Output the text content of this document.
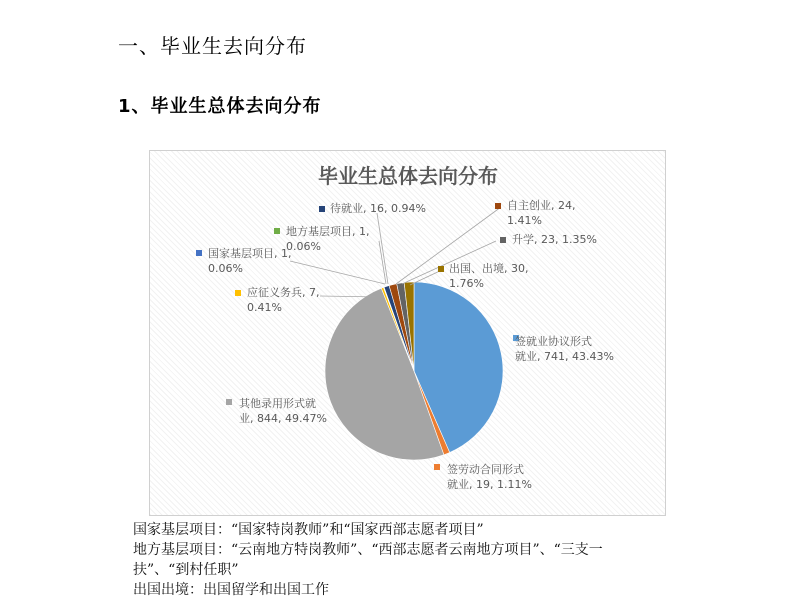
一、毕业生去向分布
1、毕业生总体去向分布
毕业生总体去向分布
签就业协议形式
就业, 741, 43.43%
签劳动合同形式
就业, 19, 1.11%
其他录用形式就
业, 844, 49.47%
应征义务兵, 7,
0.41%
国家基层项目, 1,
0.06%
地方基层项目, 1,
0.06%
待就业, 16, 0.94%	自主创业, 24,
1.41%
升学, 23, 1.35%
出国、出境, 30,
1.76%
国家基层项目：“国家特岗教师”和“国家西部志愿者项目”
地方基层项目：“云南地方特岗教师”、“西部志愿者云南地方项目”、“三支一
扶”、“到村任职”
出国出境：出国留学和出国工作
